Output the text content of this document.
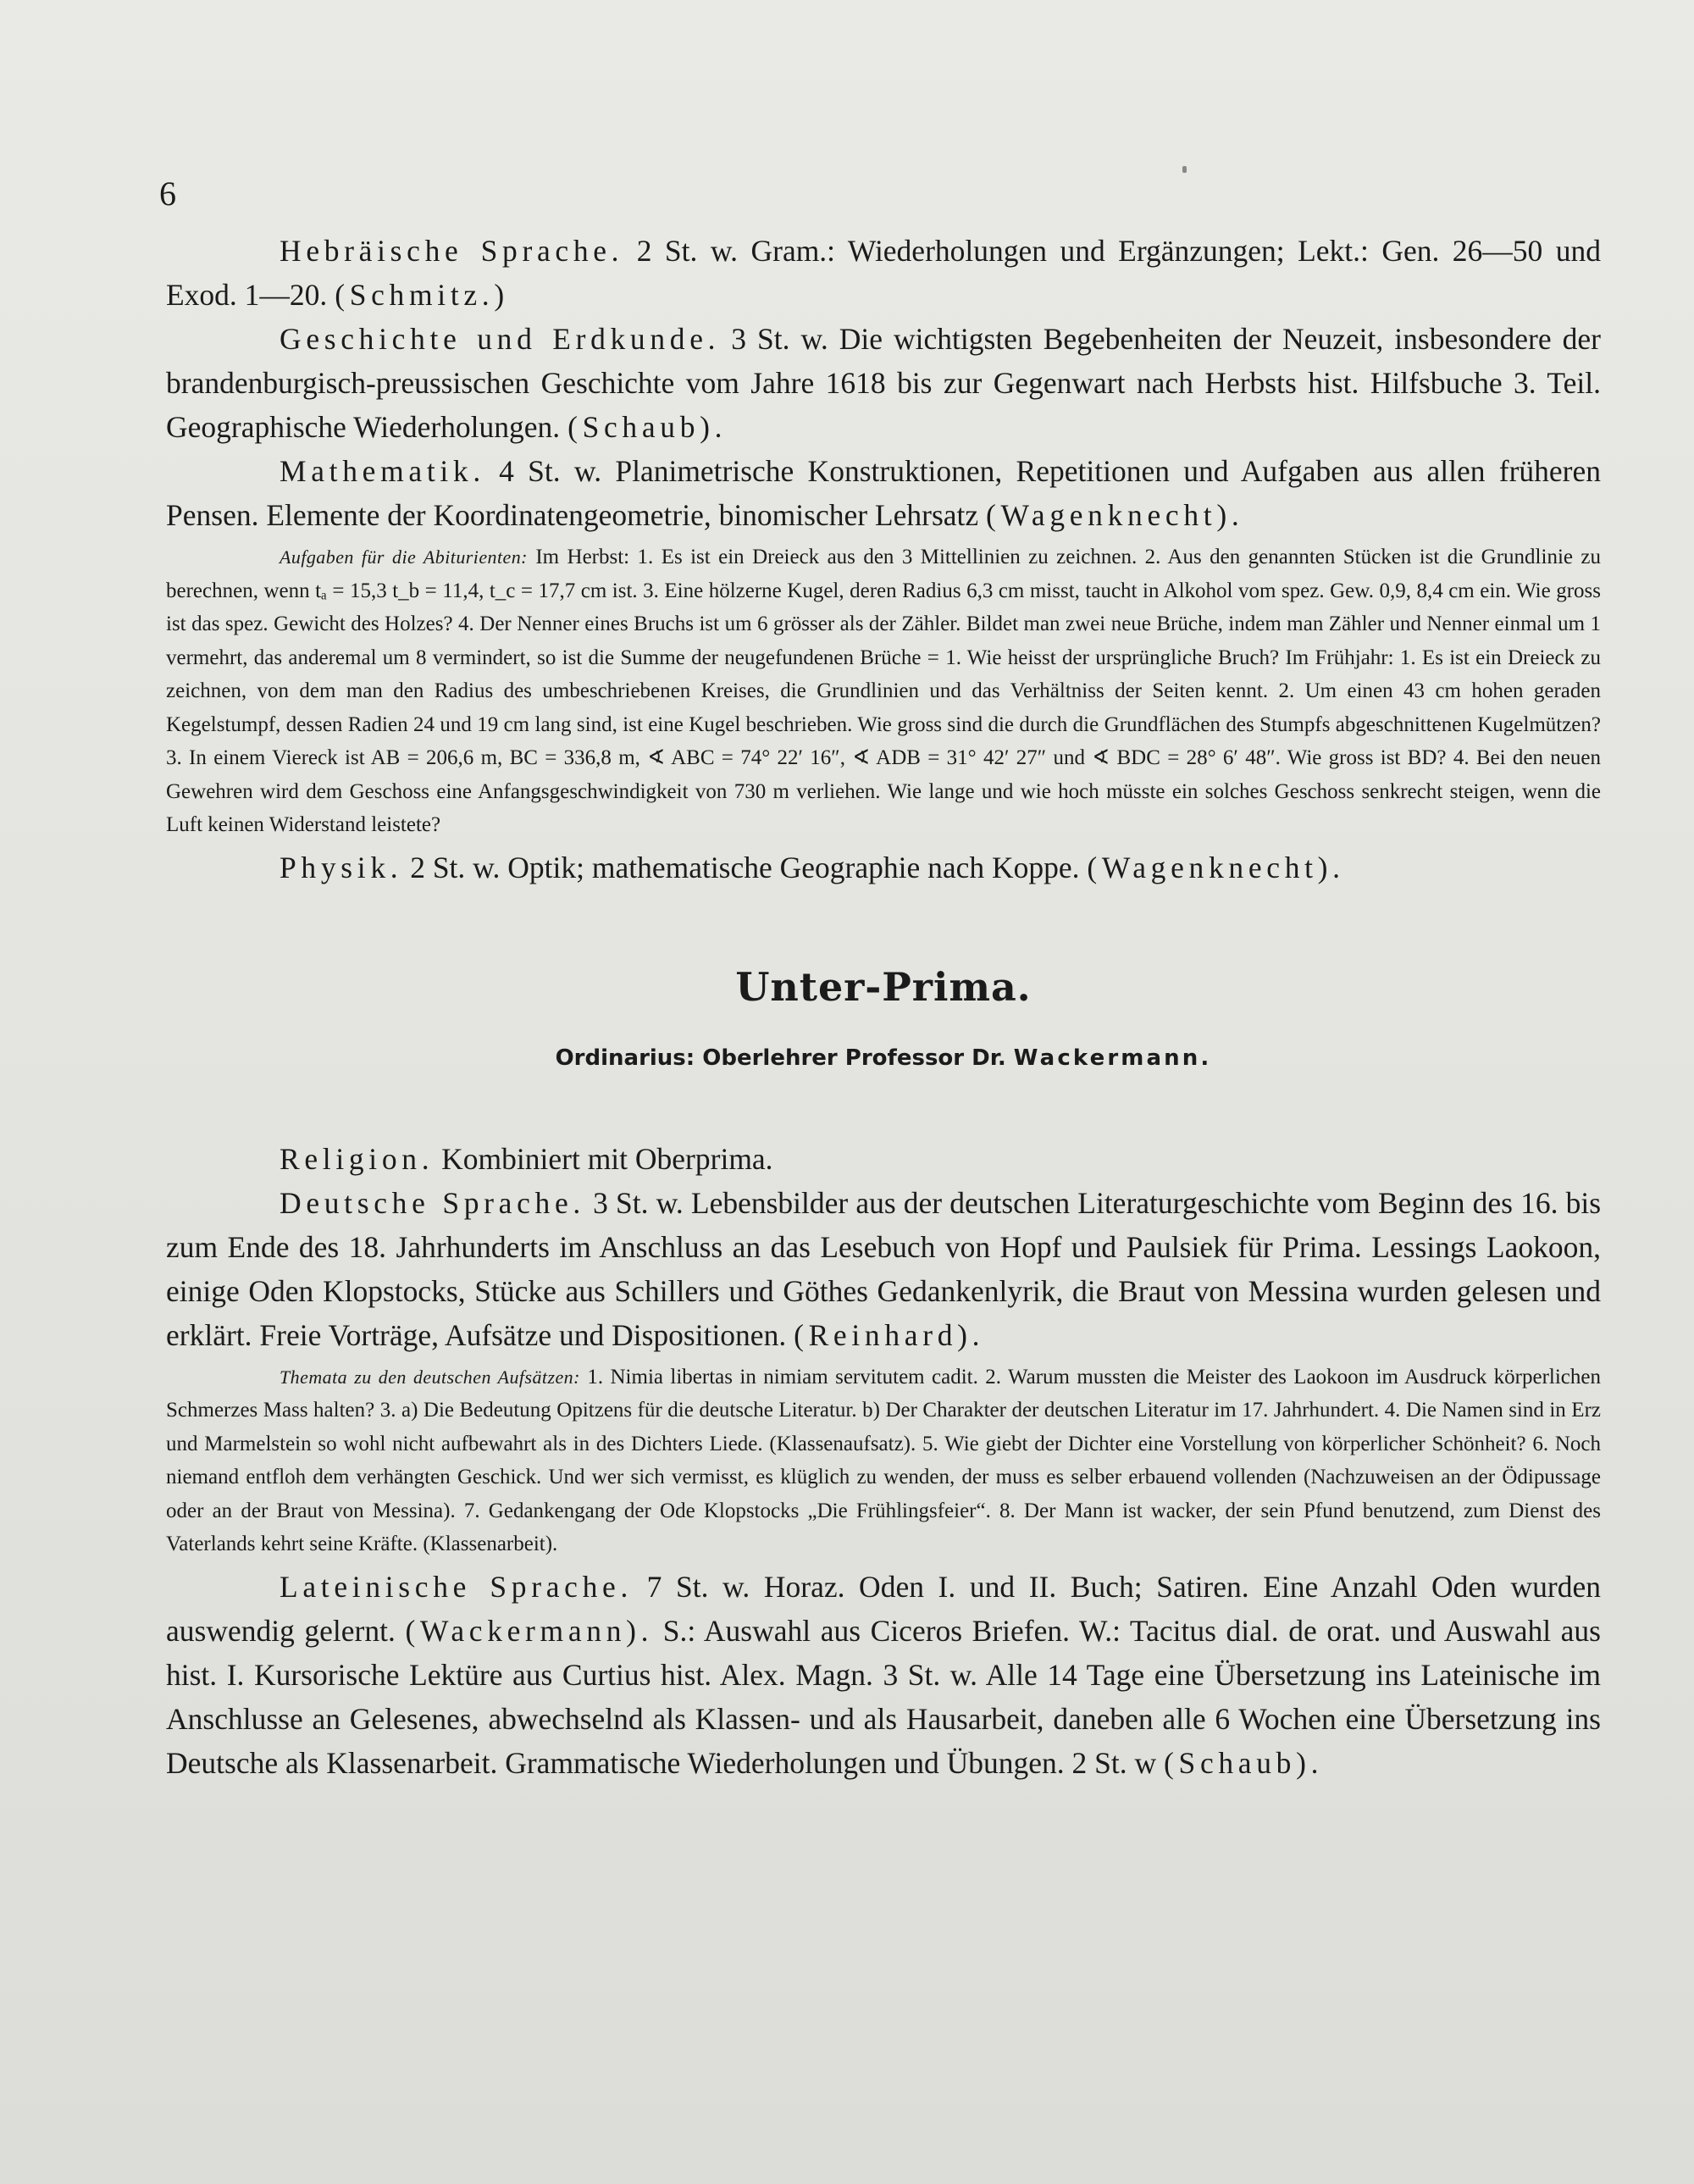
6

Hebräische Sprache. 2 St. w. Gram.: Wiederholungen und Ergänzungen; Lekt.: Gen. 26—50 und Exod. 1—20. (Schmitz.)

Geschichte und Erdkunde. 3 St. w. Die wichtigsten Begebenheiten der Neuzeit, insbesondere der brandenburgisch-preussischen Geschichte vom Jahre 1618 bis zur Gegenwart nach Herbsts hist. Hilfsbuche 3. Teil. Geographische Wiederholungen. (Schaub).

Mathematik. 4 St. w. Planimetrische Konstruktionen, Repetitionen und Aufgaben aus allen früheren Pensen. Elemente der Koordinatengeometrie, binomischer Lehrsatz (Wagenknecht).

Aufgaben für die Abiturienten: Im Herbst: 1. Es ist ein Dreieck aus den 3 Mittellinien zu zeichnen. 2. Aus den genannten Stücken ist die Grundlinie zu berechnen, wenn tₐ = 15,3 t_b = 11,4, t_c = 17,7 cm ist. 3. Eine hölzerne Kugel, deren Radius 6,3 cm misst, taucht in Alkohol vom spez. Gew. 0,9, 8,4 cm ein. Wie gross ist das spez. Gewicht des Holzes? 4. Der Nenner eines Bruchs ist um 6 grösser als der Zähler. Bildet man zwei neue Brüche, indem man Zähler und Nenner einmal um 1 vermehrt, das anderemal um 8 vermindert, so ist die Summe der neugefundenen Brüche = 1. Wie heisst der ursprüngliche Bruch? Im Frühjahr: 1. Es ist ein Dreieck zu zeichnen, von dem man den Radius des umbeschriebenen Kreises, die Grundlinien und das Verhältniss der Seiten kennt. 2. Um einen 43 cm hohen geraden Kegelstumpf, dessen Radien 24 und 19 cm lang sind, ist eine Kugel beschrieben. Wie gross sind die durch die Grundflächen des Stumpfs abgeschnittenen Kugelmützen? 3. In einem Viereck ist AB = 206,6 m, BC = 336,8 m, ∢ ABC = 74° 22′ 16″, ∢ ADB = 31° 42′ 27″ und ∢ BDC = 28° 6′ 48″. Wie gross ist BD? 4. Bei den neuen Gewehren wird dem Geschoss eine Anfangsgeschwindigkeit von 730 m verliehen. Wie lange und wie hoch müsste ein solches Geschoss senkrecht steigen, wenn die Luft keinen Widerstand leistete?

Physik. 2 St. w. Optik; mathematische Geographie nach Koppe. (Wagenknecht).

Unter-Prima.
Ordinarius: Oberlehrer Professor Dr. Wackermann.

Religion. Kombiniert mit Oberprima.

Deutsche Sprache. 3 St. w. Lebensbilder aus der deutschen Literaturgeschichte vom Beginn des 16. bis zum Ende des 18. Jahrhunderts im Anschluss an das Lesebuch von Hopf und Paulsiek für Prima. Lessings Laokoon, einige Oden Klopstocks, Stücke aus Schillers und Göthes Gedankenlyrik, die Braut von Messina wurden gelesen und erklärt. Freie Vorträge, Aufsätze und Dispositionen. (Reinhard).

Themata zu den deutschen Aufsätzen: 1. Nimia libertas in nimiam servitutem cadit. 2. Warum mussten die Meister des Laokoon im Ausdruck körperlichen Schmerzes Mass halten? 3. a) Die Bedeutung Opitzens für die deutsche Literatur. b) Der Charakter der deutschen Literatur im 17. Jahrhundert. 4. Die Namen sind in Erz und Marmelstein so wohl nicht aufbewahrt als in des Dichters Liede. (Klassenaufsatz). 5. Wie giebt der Dichter eine Vorstellung von körperlicher Schönheit? 6. Noch niemand entfloh dem verhängten Geschick. Und wer sich vermisst, es klüglich zu wenden, der muss es selber erbauend vollenden (Nachzuweisen an der Ödipussage oder an der Braut von Messina). 7. Gedankengang der Ode Klopstocks „Die Frühlingsfeier“. 8. Der Mann ist wacker, der sein Pfund benutzend, zum Dienst des Vaterlands kehrt seine Kräfte. (Klassenarbeit).

Lateinische Sprache. 7 St. w. Horaz. Oden I. und II. Buch; Satiren. Eine Anzahl Oden wurden auswendig gelernt. (Wackermann). S.: Auswahl aus Ciceros Briefen. W.: Tacitus dial. de orat. und Auswahl aus hist. I. Kursorische Lektüre aus Curtius hist. Alex. Magn. 3 St. w. Alle 14 Tage eine Übersetzung ins Lateinische im Anschlusse an Gelesenes, abwechselnd als Klassen- und als Hausarbeit, daneben alle 6 Wochen eine Übersetzung ins Deutsche als Klassenarbeit. Grammatische Wiederholungen und Übungen. 2 St. w (Schaub).
